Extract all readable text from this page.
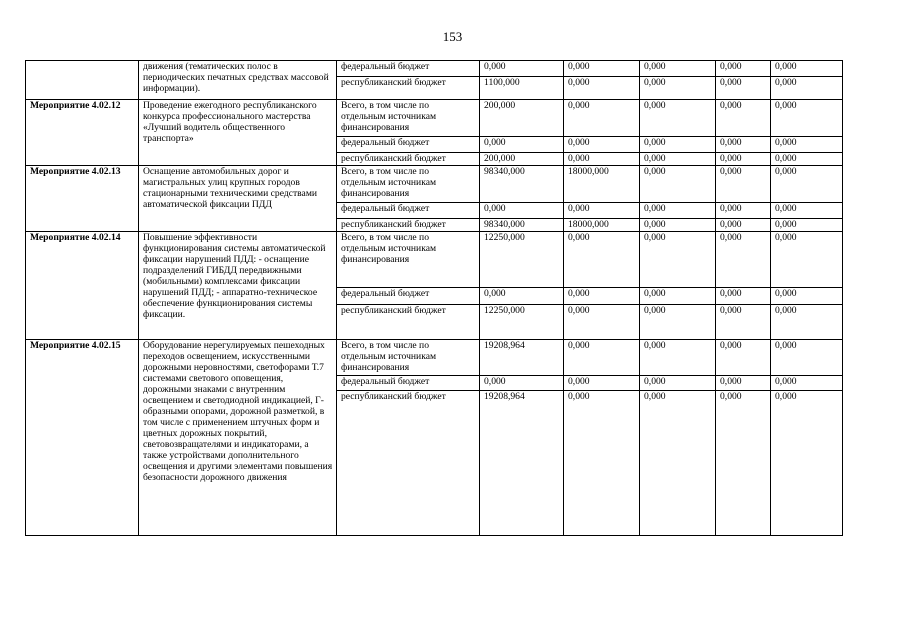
153
	движения (тематических полос в периодических печатных средствах массовой информации).	федеральный бюджет	0,000	0,000	0,000	0,000	0,000
		республиканский бюджет	1100,000	0,000	0,000	0,000	0,000
Мероприятие 4.02.12	Проведение ежегодного республиканского конкурса профессионального мастерства «Лучший водитель общественного транспорта»	Всего, в том числе по отдельным источникам финансирования	200,000	0,000	0,000	0,000	0,000
		федеральный бюджет	0,000	0,000	0,000	0,000	0,000
		республиканский бюджет	200,000	0,000	0,000	0,000	0,000
Мероприятие 4.02.13	Оснащение автомобильных дорог и магистральных улиц крупных городов стационарными техническими средствами автоматической фиксации ПДД	Всего, в том числе по отдельным источникам финансирования	98340,000	18000,000	0,000	0,000	0,000
		федеральный бюджет	0,000	0,000	0,000	0,000	0,000
		республиканский бюджет	98340,000	18000,000	0,000	0,000	0,000
Мероприятие 4.02.14	Повышение эффективности функционирования системы автоматической фиксации нарушений ПДД: - оснащение подразделений ГИБДД передвижными (мобильными) комплексами фиксации нарушений ПДД; - аппаратно-техническое обеспечение функционирования системы фиксации.	Всего, в том числе по отдельным источникам финансирования	12250,000	0,000	0,000	0,000	0,000
		федеральный бюджет	0,000	0,000	0,000	0,000	0,000
		республиканский бюджет	12250,000	0,000	0,000	0,000	0,000
Мероприятие 4.02.15	Оборудование нерегулируемых пешеходных переходов освещением, искусственными дорожными неровностями, светофорами Т.7 системами светового оповещения, дорожными знаками с внутренним освещением и светодиодной индикацией, Г-образными опорами, дорожной разметкой, в том числе с применением штучных форм и цветных дорожных покрытий, световозвращателями и индикаторами, а также устройствами дополнительного освещения и другими элементами повышения безопасности дорожного движения	Всего, в том числе по отдельным источникам финансирования	19208,964	0,000	0,000	0,000	0,000
		федеральный бюджет	0,000	0,000	0,000	0,000	0,000
		республиканский бюджет	19208,964	0,000	0,000	0,000	0,000
